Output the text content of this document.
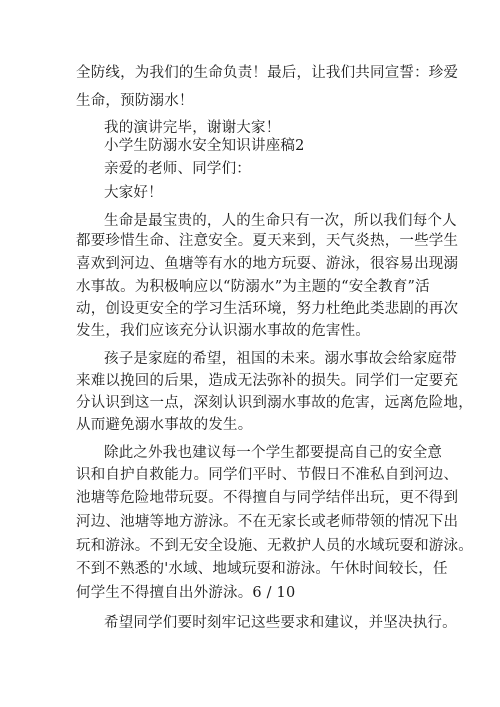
全防线，为我们的生命负责！最后，让我们共同宣誓：珍爱
生命，预防溺水！
我的演讲完毕，谢谢大家！
小学生防溺水安全知识讲座稿2
亲爱的老师、同学们：
大家好！
生命是最宝贵的，人的生命只有一次，所以我们每个人
都要珍惜生命、注意安全。夏天来到，天气炎热，一些学生
喜欢到河边、鱼塘等有水的地方玩耍、游泳，很容易出现溺
水事故。为积极响应以“防溺水”为主题的“安全教育”活
动，创设更安全的学习生活环境，努力杜绝此类悲剧的再次
发生，我们应该充分认识溺水事故的危害性。
孩子是家庭的希望，祖国的未来。溺水事故会给家庭带
来难以挽回的后果，造成无法弥补的损失。同学们一定要充
分认识到这一点，深刻认识到溺水事故的危害，远离危险地，
从而避免溺水事故的发生。
除此之外我也建议每一个学生都要提高自己的安全意
识和自护自救能力。同学们平时、节假日不准私自到河边、
池塘等危险地带玩耍。不得擅自与同学结伴出玩，更不得到
河边、池塘等地方游泳。不在无家长或老师带领的情况下出
玩和游泳。不到无安全设施、无救护人员的水域玩耍和游泳。
不到不熟悉的'水域、地域玩耍和游泳。午休时间较长，任
何学生不得擅自出外游泳。6 / 10
希望同学们要时刻牢记这些要求和建议，并坚决执行。
